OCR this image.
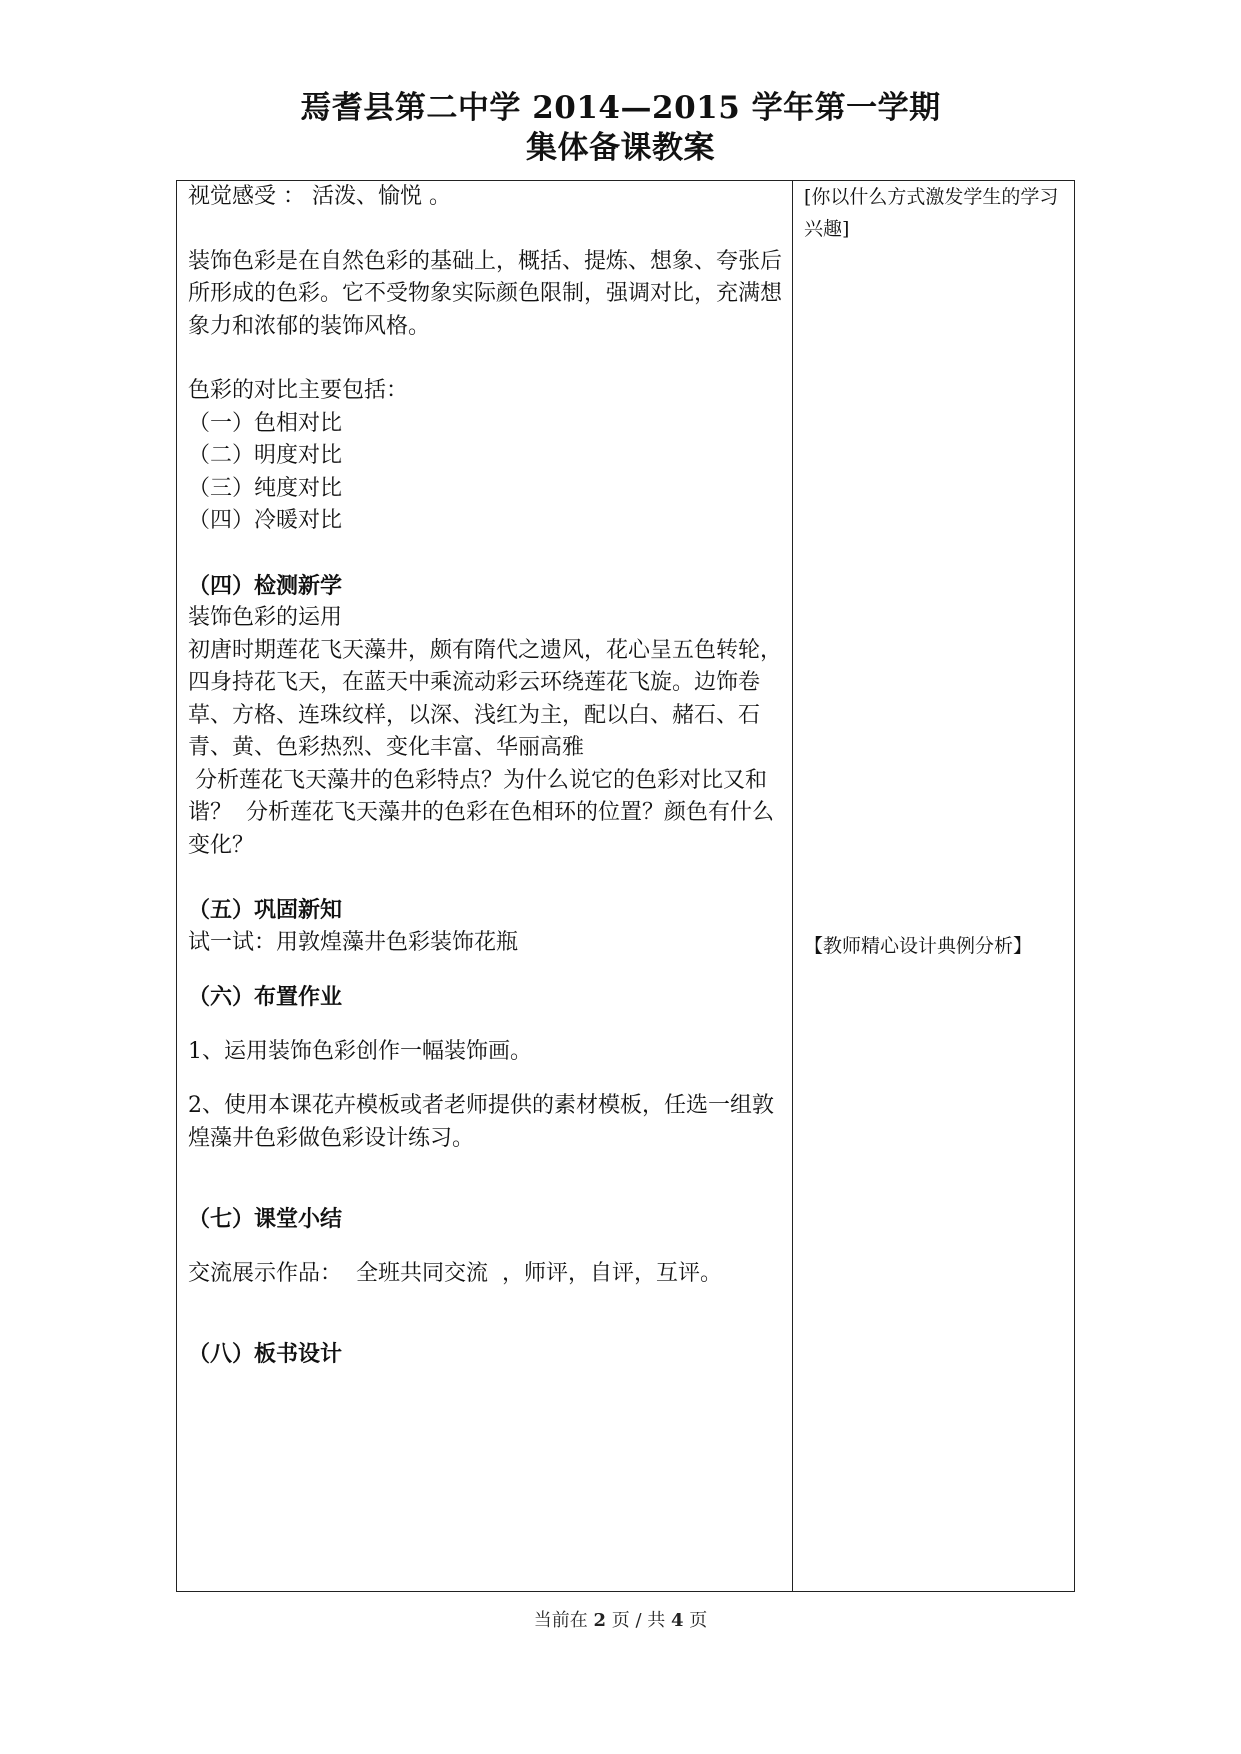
焉耆县第二中学 2014—2015 学年第一学期
集体备课教案

视觉感受 ： 活泼、愉悦 。

装饰色彩是在自然色彩的基础上，概括、提炼、想象、夸张后所形成的色彩。它不受物象实际颜色限制，强调对比，充满想象力和浓郁的装饰风格。

色彩的对比主要包括：

（一）色相对比

（二）明度对比

（三）纯度对比

（四）冷暖对比

（四）检测新学

装饰色彩的运用

初唐时期莲花飞天藻井，颇有隋代之遗风，花心呈五色转轮，四身持花飞天，在蓝天中乘流动彩云环绕莲花飞旋。边饰卷草、方格、连珠纹样，以深、浅红为主，配以白、赭石、石青、黄、色彩热烈、变化丰富、华丽高雅

分析莲花飞天藻井的色彩特点？为什么说它的色彩对比又和谐？  分析莲花飞天藻井的色彩在色相环的位置？颜色有什么变化？

（五）巩固新知

试一试：用敦煌藻井色彩装饰花瓶

（六）布置作业

1、运用装饰色彩创作一幅装饰画。

2、使用本课花卉模板或者老师提供的素材模板，任选一组敦煌藻井色彩做色彩设计练习。

（七）课堂小结

交流展示作品：  全班共同交流  ，师评，自评，互评。

（八）板书设计

[你以什么方式激发学生的学习兴趣]

【教师精心设计典例分析】
当前在 2 页 / 共 4 页
